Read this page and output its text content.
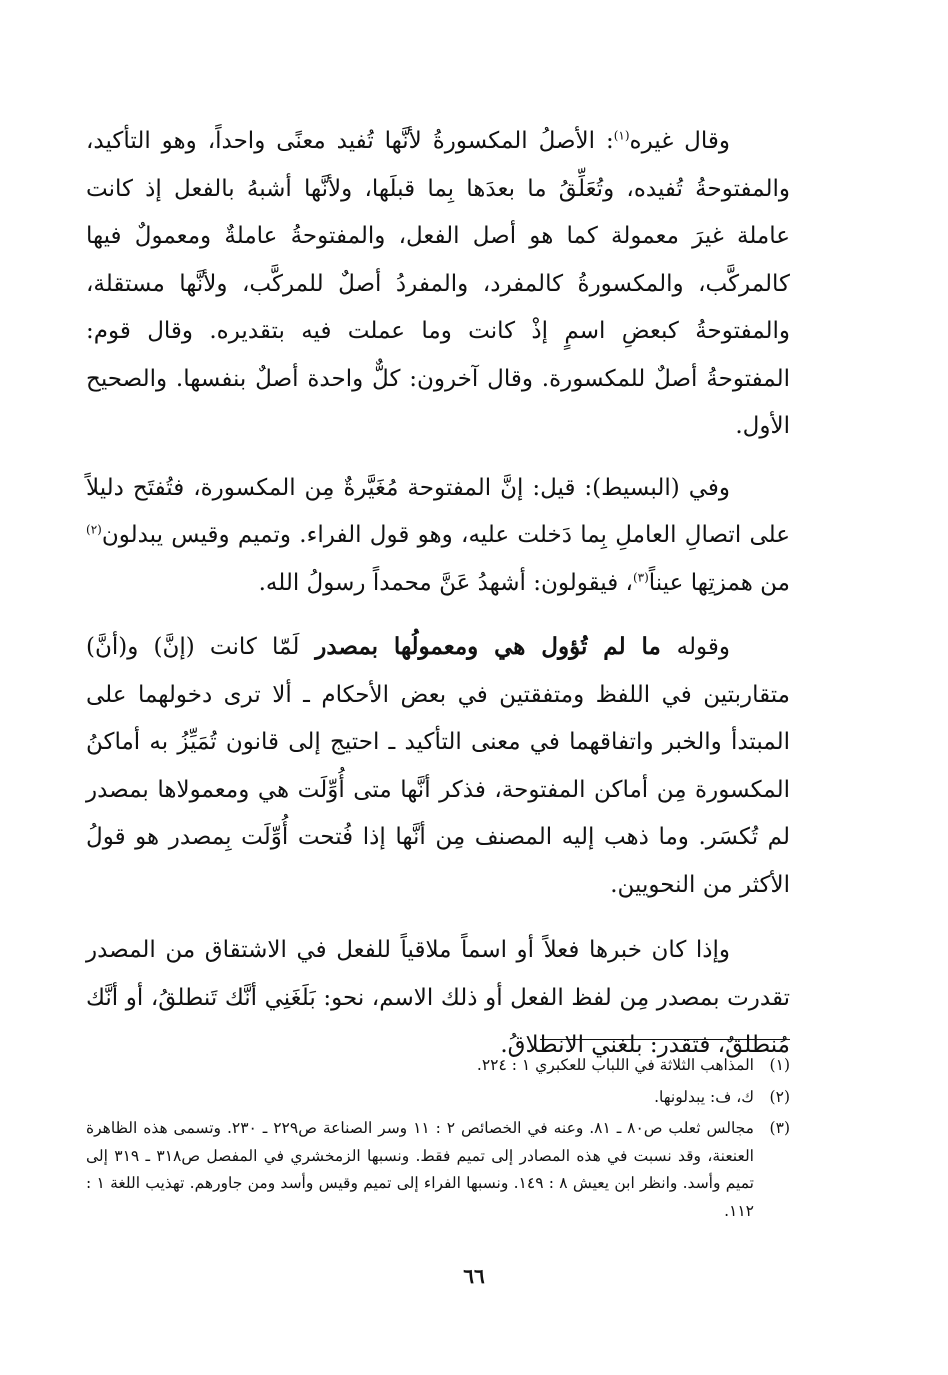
وقال غيره$^{(١)}$: الأصلُ المكسورةُ لأنَّها تُفيد معنًى واحداً، وهو التأكيد، والمفتوحةُ تُفيده، وتُعَلِّقُ ما بعدَها بِما قبلَها، ولأنَّها أشبهُ بالفعل إذ كانت عاملة غيرَ معمولة كما هو أصل الفعل، والمفتوحةُ عاملةٌ ومعمولٌ فيها كالمركَّب، والمكسورةُ كالمفرد، والمفردُ أصلٌ للمركَّب، ولأنَّها مستقلة، والمفتوحةُ كبعضِ اسمٍ إذْ كانت وما عملت فيه بتقديره. وقال قوم: المفتوحةُ أصلٌ للمكسورة. وقال آخرون: كلٌّ واحدة أصلٌ بنفسها. والصحيح الأول.

وفي (البسيط): قيل: إنَّ المفتوحة مُغَيَّرةٌ مِن المكسورة، فتُفتَح دليلاً على اتصالِ العاملِ بِما دَخلت عليه، وهو قول الفراء. وتميم وقيس يبدلون$^{(٢)}$ من همزتِها عيناً$^{(٣)}$، فيقولون: أشهدُ عَنَّ محمداً رسولُ الله.

وقوله ما لم تُؤول هي ومعمولُها بمصدر لَمّا كانت (إنَّ) و(أنَّ) متقاربتين في اللفظ ومتفقتين في بعض الأحكام ـ ألا ترى دخولهما على المبتدأ والخبر واتفاقهما في معنى التأكيد ـ احتيج إلى قانون تُمَيِّزُ به أماكنُ المكسورة مِن أماكن المفتوحة، فذكر أنَّها متى أُوِّلَت هي ومعمولاها بمصدر لم تُكسَر. وما ذهب إليه المصنف مِن أنَّها إذا فُتحت أُوِّلَت بِمصدر هو قولُ الأكثر من النحويين.

وإذا كان خبرها فعلاً أو اسماً ملاقياً للفعل في الاشتقاق من المصدر تقدرت بمصدر مِن لفظ الفعل أو ذلك الاسم، نحو: بَلَغَنِي أنَّك تَنطلقُ، أو أنَّك مُنطلقٌ، فتقدر: بلغني الانطلاقُ.

(١)
المذاهب الثلاثة في اللباب للعكبري ١ : ٢٢٤.
(٢)
ك، ف: يبدلونها.
(٣)
مجالس ثعلب ص٨٠ ـ ٨١. وعنه في الخصائص ٢ : ١١ وسر الصناعة ص٢٢٩ ـ ٢٣٠. وتسمى هذه الظاهرة العنعنة، وقد نسبت في هذه المصادر إلى تميم فقط. ونسبها الزمخشري في المفصل ص٣١٨ ـ ٣١٩ إلى تميم وأسد. وانظر ابن يعيش ٨ : ١٤٩. ونسبها الفراء إلى تميم وقيس وأسد ومن جاورهم. تهذيب اللغة ١ : ١١٢.
٦٦
